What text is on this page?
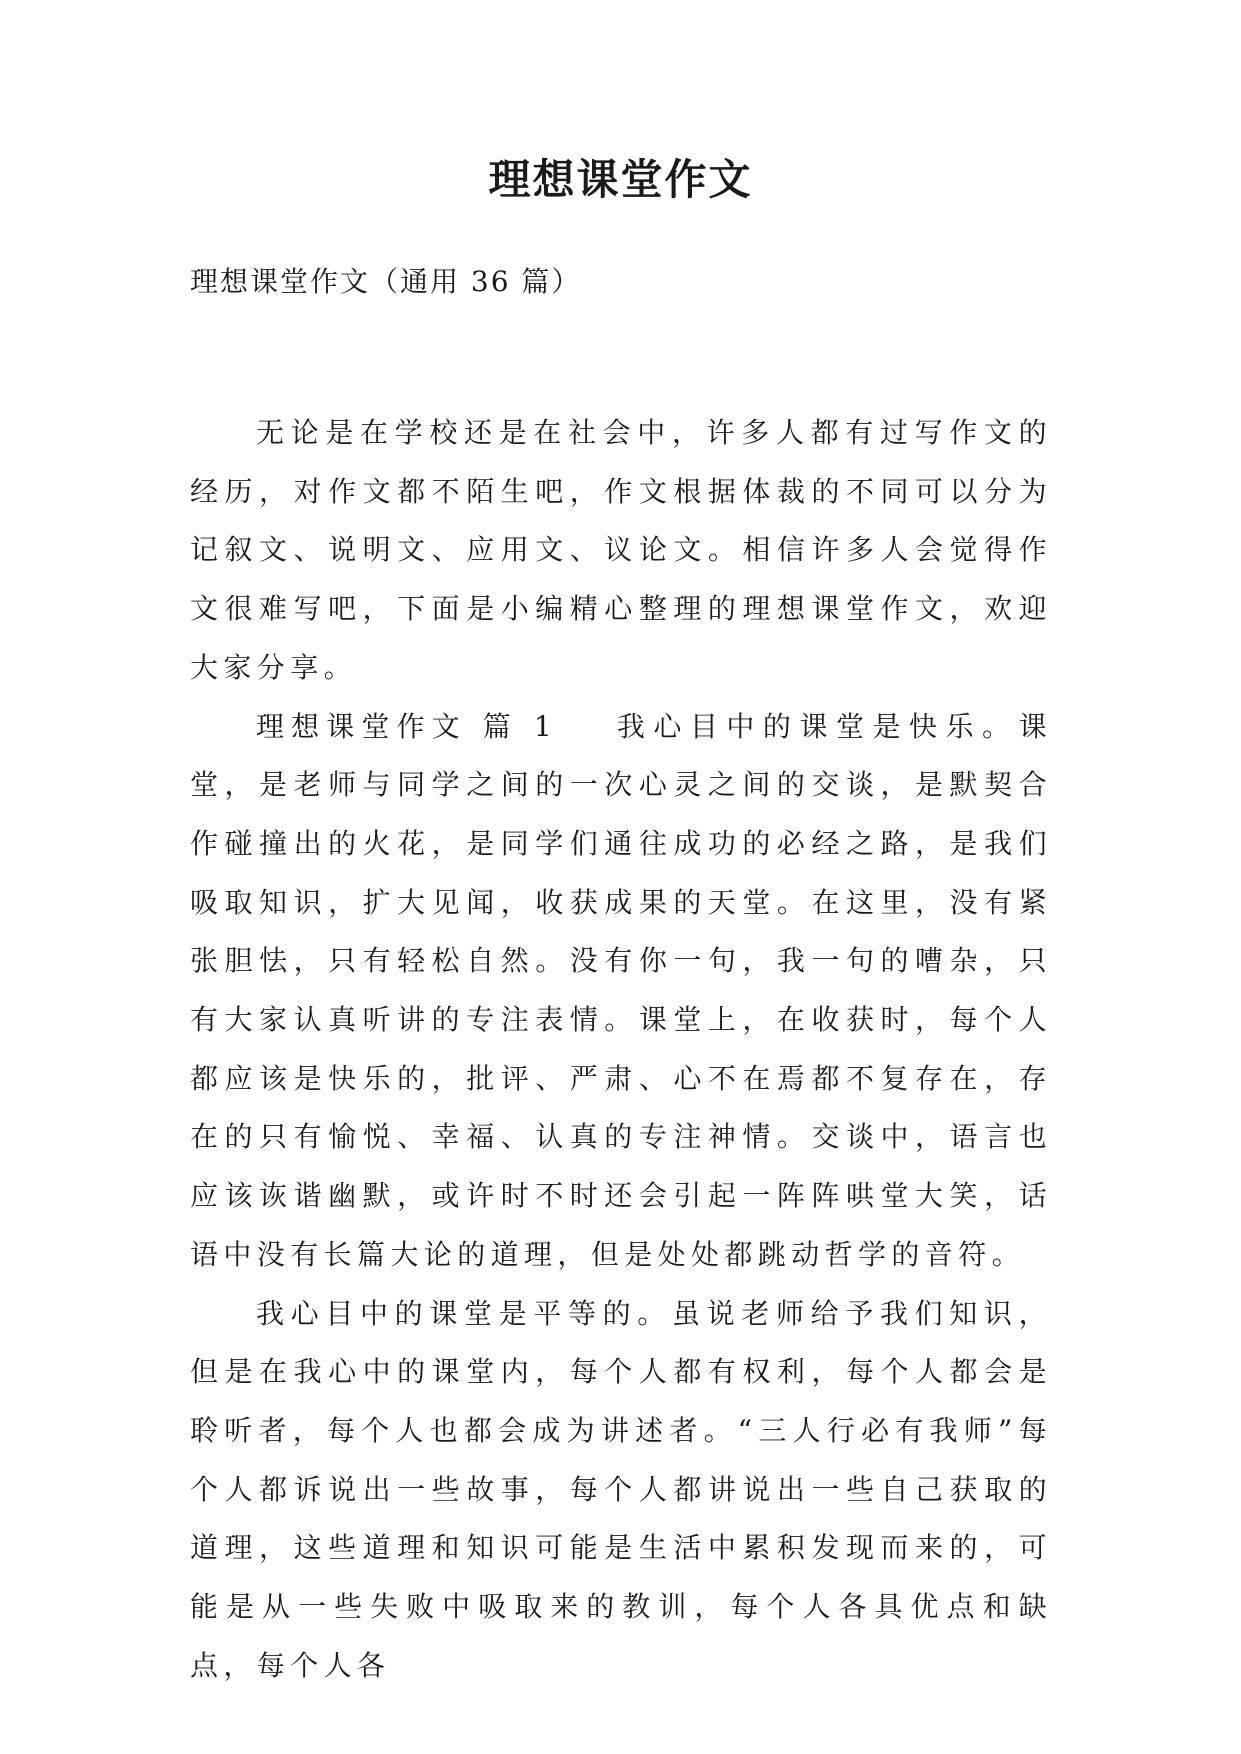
理想课堂作文

理想课堂作文（通用 36 篇）

无论是在学校还是在社会中，许多人都有过写作文的经历，对作文都不陌生吧，作文根据体裁的不同可以分为记叙文、说明文、应用文、议论文。相信许多人会觉得作文很难写吧，下面是小编精心整理的理想课堂作文，欢迎大家分享。

理想课堂作文 篇 1 我心目中的课堂是快乐。课堂，是老师与同学之间的一次心灵之间的交谈，是默契合作碰撞出的火花，是同学们通往成功的必经之路，是我们吸取知识，扩大见闻，收获成果的天堂。在这里，没有紧张胆怯，只有轻松自然。没有你一句，我一句的嘈杂，只有大家认真听讲的专注表情。课堂上，在收获时，每个人都应该是快乐的，批评、严肃、心不在焉都不复存在，存在的只有愉悦、幸福、认真的专注神情。交谈中，语言也应该诙谐幽默，或许时不时还会引起一阵阵哄堂大笑，话语中没有长篇大论的道理，但是处处都跳动哲学的音符。

我心目中的课堂是平等的。虽说老师给予我们知识，但是在我心中的课堂内，每个人都有权利，每个人都会是聆听者，每个人也都会成为讲述者。“三人行必有我师”每个人都诉说出一些故事，每个人都讲说出一些自己获取的道理，这些道理和知识可能是生活中累积发现而来的，可能是从一些失败中吸取来的教训，每个人各具优点和缺点，每个人各
